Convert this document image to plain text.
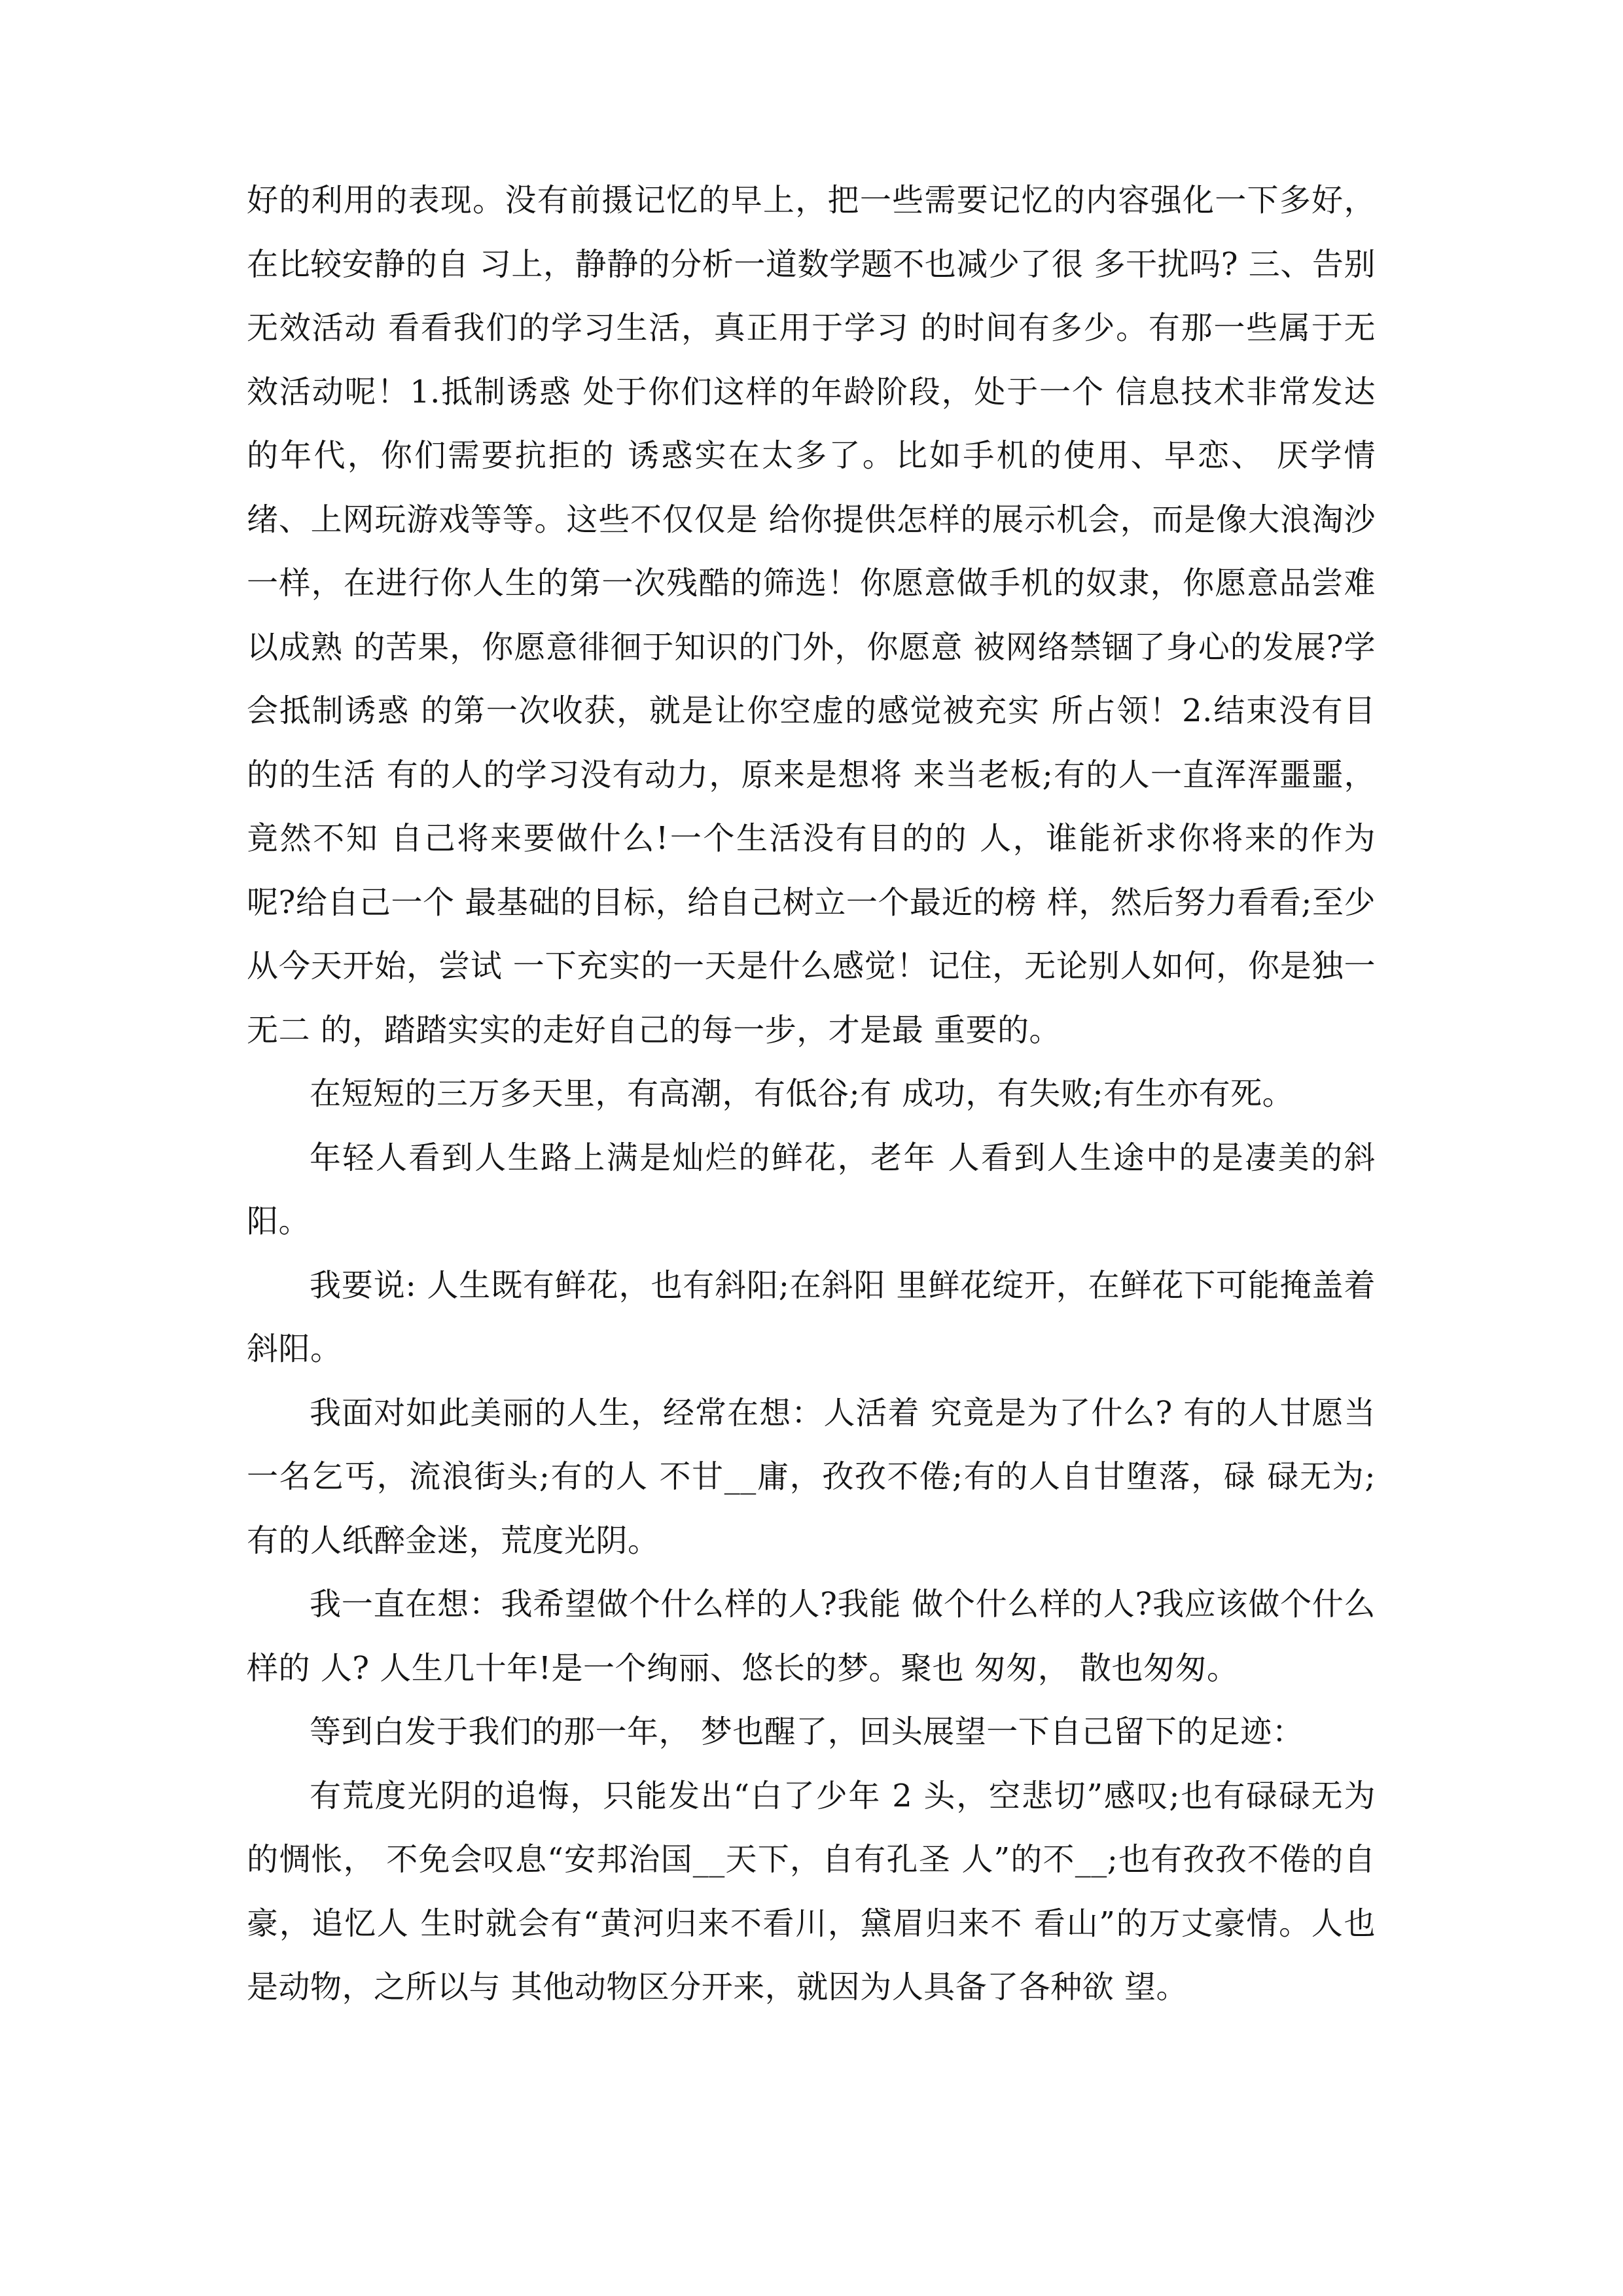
好的利用的表现。没有前摄记忆的早上，把一些需要记忆的内容强化一下多好，在比较安静的自 习上，静静的分析一道数学题不也减少了很 多干扰吗? 三、告别无效活动 看看我们的学习生活，真正用于学习 的时间有多少。有那一些属于无效活动呢！1.抵制诱惑 处于你们这样的年龄阶段，处于一个 信息技术非常发达的年代，你们需要抗拒的 诱惑实在太多了。比如手机的使用、早恋、 厌学情绪、上网玩游戏等等。这些不仅仅是 给你提供怎样的展示机会，而是像大浪淘沙 一样，在进行你人生的第一次残酷的筛选！你愿意做手机的奴隶，你愿意品尝难以成熟 的苦果，你愿意徘徊于知识的门外，你愿意 被网络禁锢了身心的发展?学会抵制诱惑 的第一次收获，就是让你空虚的感觉被充实 所占领！2.结束没有目的的生活 有的人的学习没有动力，原来是想将 来当老板;有的人一直浑浑噩噩，竟然不知 自己将来要做什么!一个生活没有目的的 人，谁能祈求你将来的作为呢?给自己一个 最基础的目标，给自己树立一个最近的榜 样，然后努力看看;至少从今天开始，尝试 一下充实的一天是什么感觉！记住，无论别人如何，你是独一无二 的，踏踏实实的走好自己的每一步，才是最 重要的。

在短短的三万多天里，有高潮，有低谷;有 成功，有失败;有生亦有死。

年轻人看到人生路上满是灿烂的鲜花，老年 人看到人生途中的是凄美的斜阳。

我要说: 人生既有鲜花，也有斜阳;在斜阳 里鲜花绽开，在鲜花下可能掩盖着斜阳。

我面对如此美丽的人生，经常在想：人活着 究竟是为了什么? 有的人甘愿当一名乞丐，流浪街头;有的人 不甘__庸，孜孜不倦;有的人自甘堕落，碌 碌无为;有的人纸醉金迷，荒度光阴。

我一直在想：我希望做个什么样的人?我能 做个什么样的人?我应该做个什么样的 人? 人生几十年!是一个绚丽、悠长的梦。聚也 匆匆， 散也匆匆。

等到白发于我们的那一年， 梦也醒了，回头展望一下自己留下的足迹：

有荒度光阴的追悔，只能发出“白了少年 2 头，空悲切”感叹;也有碌碌无为的惆怅， 不免会叹息“安邦治国__天下，自有孔圣 人”的不__;也有孜孜不倦的自豪，追忆人 生时就会有“黄河归来不看川，黛眉归来不 看山”的万丈豪情。人也是动物，之所以与 其他动物区分开来，就因为人具备了各种欲 望。
